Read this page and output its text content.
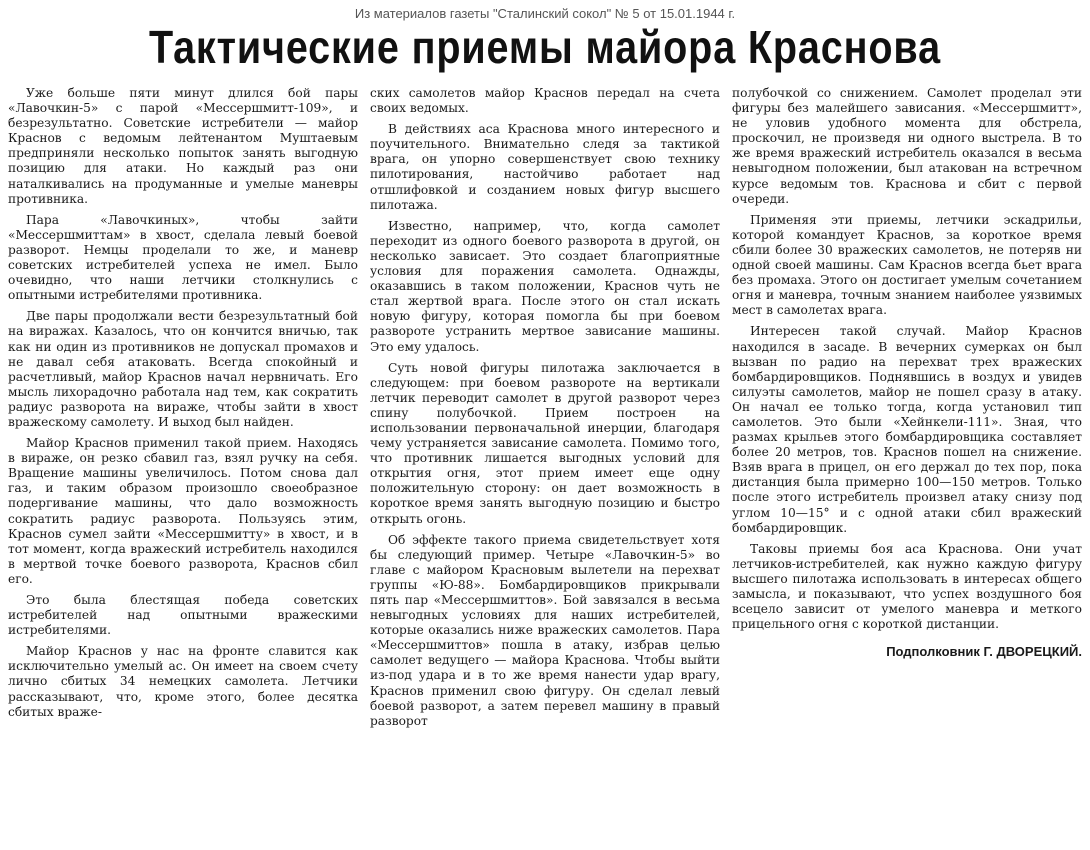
Из материалов газеты "Сталинский сокол" № 5 от 15.01.1944 г.
Тактические приемы майора Краснова

Уже больше пяти минут длился бой пары «Лавочкин-5» с парой «Мессершмитт-109», и безрезультатно. Советские истребители — майор Краснов с ведомым лейтенантом Муштаевым предприняли несколько попыток занять выгодную позицию для атаки. Но каждый раз они наталкивались на продуманные и умелые маневры противника.

Пара «Лавочкиных», чтобы зайти «Мессершмиттам» в хвост, сделала левый боевой разворот. Немцы проделали то же, и маневр советских истребителей успеха не имел. Было очевидно, что наши летчики столкнулись с опытными истребителями противника.

Две пары продолжали вести безрезультатный бой на виражах. Казалось, что он кончится вничью, так как ни один из противников не допускал промахов и не давал себя атаковать. Всегда спокойный и расчетливый, майор Краснов начал нервничать. Его мысль лихорадочно работала над тем, как сократить радиус разворота на вираже, чтобы зайти в хвост вражескому самолету. И выход был найден.

Майор Краснов применил такой прием. Находясь в вираже, он резко сбавил газ, взял ручку на себя. Вращение машины увеличилось. Потом снова дал газ, и таким образом произошло своеобразное подергивание машины, что дало возможность сократить радиус разворота. Пользуясь этим, Краснов сумел зайти «Мессершмитту» в хвост, и в тот момент, когда вражеский истребитель находился в мертвой точке боевого разворота, Краснов сбил его.

Это была блестящая победа советских истребителей над опытными вражескими истребителями.

Майор Краснов у нас на фронте славится как исключительно умелый ас. Он имеет на своем счету лично сбитых 34 немецких самолета. Летчики рассказывают, что, кроме этого, более десятка сбитых враже-

ских самолетов майор Краснов передал на счета своих ведомых.

В действиях аса Краснова много интересного и поучительного. Внимательно следя за тактикой врага, он упорно совершенствует свою технику пилотирования, настойчиво работает над отшлифовкой и созданием новых фигур высшего пилотажа.

Известно, например, что, когда самолет переходит из одного боевого разворота в другой, он несколько зависает. Это создает благоприятные условия для поражения самолета. Однажды, оказавшись в таком положении, Краснов чуть не стал жертвой врага. После этого он стал искать новую фигуру, которая помогла бы при боевом развороте устранить мертвое зависание машины. Это ему удалось.

Суть новой фигуры пилотажа заключается в следующем: при боевом развороте на вертикали летчик переводит самолет в другой разворот через спину полубочкой. Прием построен на использовании первоначальной инерции, благодаря чему устраняется зависание самолета. Помимо того, что противник лишается выгодных условий для открытия огня, этот прием имеет еще одну положительную сторону: он дает возможность в короткое время занять выгодную позицию и быстро открыть огонь.

Об эффекте такого приема свидетельствует хотя бы следующий пример. Четыре «Лавочкин-5» во главе с майором Красновым вылетели на перехват группы «Ю-88». Бомбардировщиков прикрывали пять пар «Мессершмиттов». Бой завязался в весьма невыгодных условиях для наших истребителей, которые оказались ниже вражеских самолетов. Пара «Мессершмиттов» пошла в атаку, избрав целью самолет ведущего — майора Краснова. Чтобы выйти из-под удара и в то же время нанести удар врагу, Краснов применил свою фигуру. Он сделал левый боевой разворот, а затем перевел машину в правый разворот

полубочкой со снижением. Самолет проделал эти фигуры без малейшего зависания. «Мессершмитт», не уловив удобного момента для обстрела, проскочил, не произведя ни одного выстрела. В то же время вражеский истребитель оказался в весьма невыгодном положении, был атакован на встречном курсе ведомым тов. Краснова и сбит с первой очереди.

Применяя эти приемы, летчики эскадрильи, которой командует Краснов, за короткое время сбили более 30 вражеских самолетов, не потеряв ни одной своей машины. Сам Краснов всегда бьет врага без промаха. Этого он достигает умелым сочетанием огня и маневра, точным знанием наиболее уязвимых мест в самолетах врага.

Интересен такой случай. Майор Краснов находился в засаде. В вечерних сумерках он был вызван по радио на перехват трех вражеских бомбардировщиков. Поднявшись в воздух и увидев силуэты самолетов, майор не пошел сразу в атаку. Он начал ее только тогда, когда установил тип самолетов. Это были «Хейнкели-111». Зная, что размах крыльев этого бомбардировщика составляет более 20 метров, тов. Краснов пошел на снижение. Взяв врага в прицел, он его держал до тех пор, пока дистанция была примерно 100—150 метров. Только после этого истребитель произвел атаку снизу под углом 10—15° и с одной атаки сбил вражеский бомбардировщик.

Таковы приемы боя аса Краснова. Они учат летчиков-истребителей, как нужно каждую фигуру высшего пилотажа использовать в интересах общего замысла, и показывают, что успех воздушного боя всецело зависит от умелого маневра и меткого прицельного огня с короткой дистанции.

Подполковник Г. ДВОРЕЦКИЙ.
